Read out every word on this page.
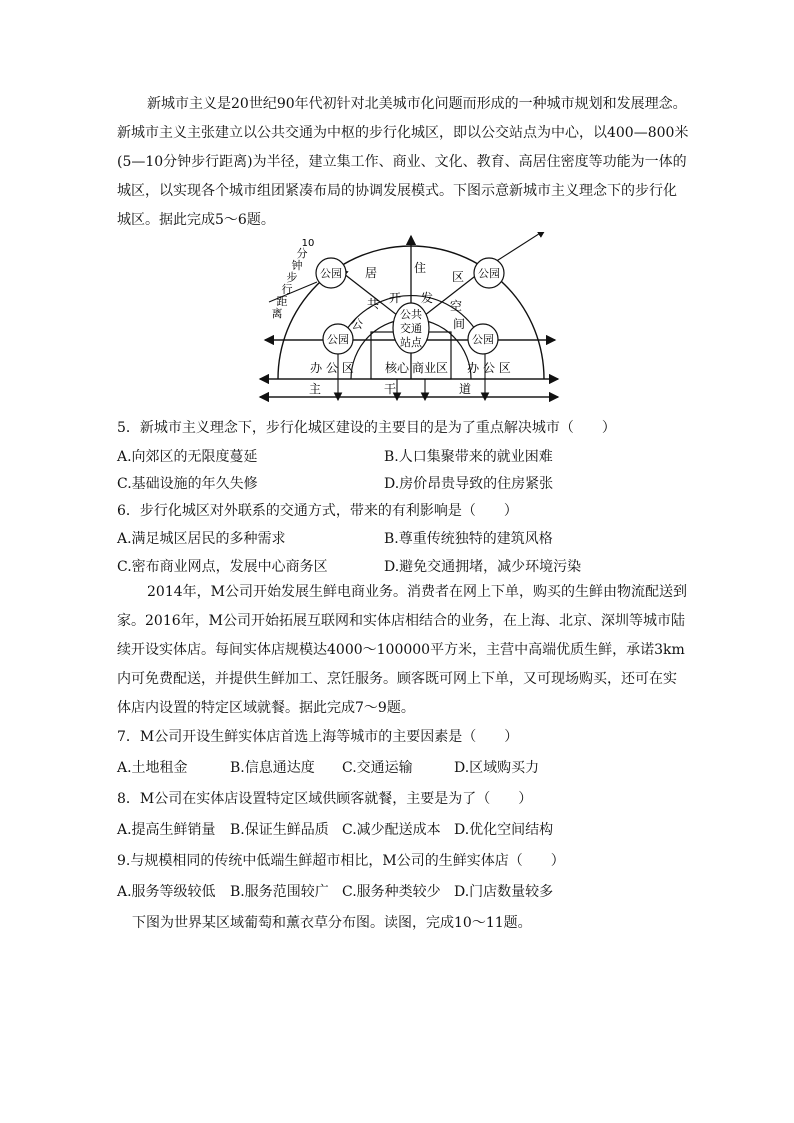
新城市主义是20世纪90年代初针对北美城市化问题而形成的一种城市规划和发展理念。新城市主义主张建立以公共交通为中枢的步行化城区，即以公交站点为中心，以400—800米(5—10分钟步行距离)为半径，建立集工作、商业、文化、教育、高居住密度等功能为一体的城区，以实现各个城市组团紧凑布局的协调发展模式。下图示意新城市主义理念下的步行化城区。据此完成5～6题。
公园	公园
公园	公园
公共
交通
站点
居	住
区
共 开 发
空
间
公
办 公 区	办 公 区
核心 商业区
主	干	道
10
分
钟
步
行
距
离
5．新城市主义理念下，步行化城区建设的主要目的是为了重点解决城市（　　）
A.向郊区的无限度蔓延	B.人口集聚带来的就业困难
C.基础设施的年久失修	D.房价昂贵导致的住房紧张
6．步行化城区对外联系的交通方式，带来的有利影响是（　　）
A.满足城区居民的多种需求	B.尊重传统独特的建筑风格
C.密布商业网点，发展中心商务区	D.避免交通拥堵，减少环境污染
2014年，M公司开始发展生鲜电商业务。消费者在网上下单，购买的生鲜由物流配送到家。2016年，M公司开始拓展互联网和实体店相结合的业务，在上海、北京、深圳等城市陆续开设实体店。每间实体店规模达4000～100000平方米，主营中高端优质生鲜，承诺3km内可免费配送，并提供生鲜加工、烹饪服务。顾客既可网上下单，又可现场购买，还可在实体店内设置的特定区域就餐。据此完成7～9题。
7．M公司开设生鲜实体店首选上海等城市的主要因素是（　　）
A.土地租金	B.信息通达度 C.交通运输	D.区域购买力
8．M公司在实体店设置特定区域供顾客就餐，主要是为了（　　）
A.提高生鲜销量 B.保证生鲜品质 C.减少配送成本 D.优化空间结构
9.与规模相同的传统中低端生鲜超市相比，M公司的生鲜实体店（　　）
A.服务等级较低 B.服务范围较广 C.服务种类较少 D.门店数量较多
下图为世界某区域葡萄和薰衣草分布图。读图，完成10～11题。
